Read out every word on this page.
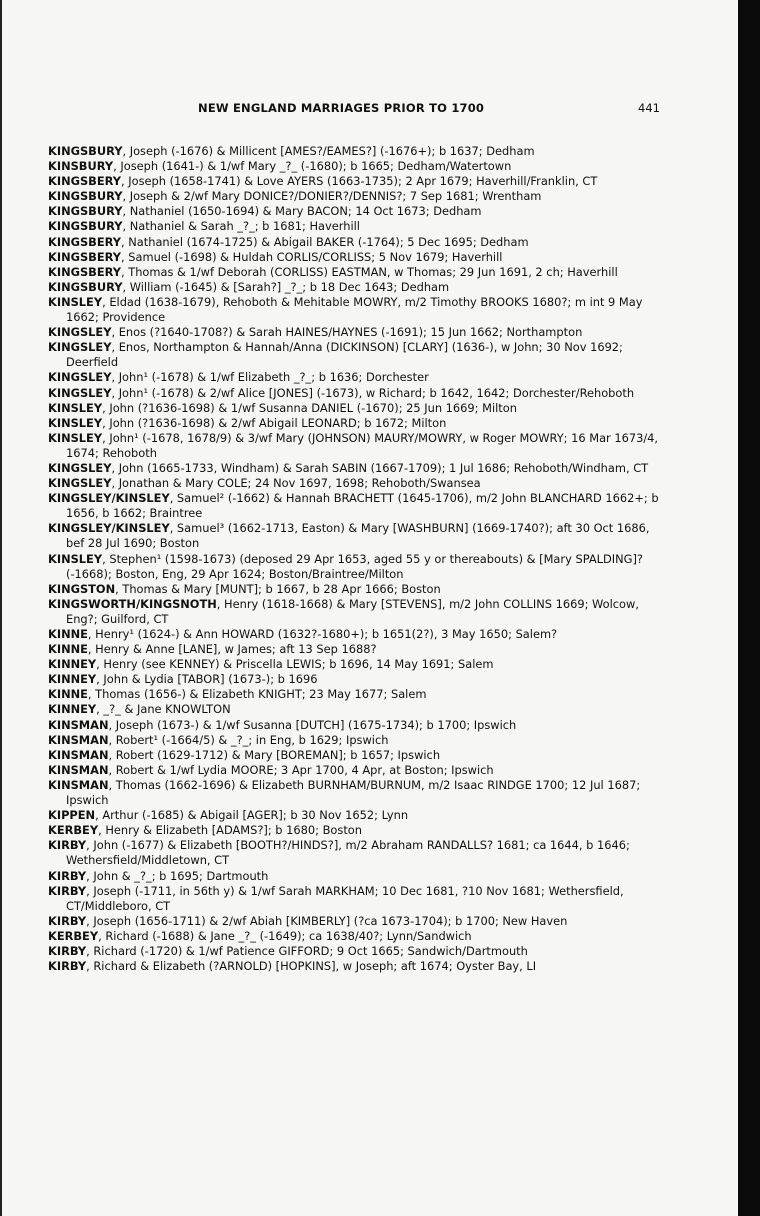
NEW ENGLAND MARRIAGES PRIOR TO 1700	441
KINGSBURY, Joseph (-1676) & Millicent [AMES?/EAMES?] (-1676+); b 1637; Dedham
KINSBURY, Joseph (1641-) & 1/wf Mary _?_ (-1680); b 1665; Dedham/Watertown
KINGSBERY, Joseph (1658-1741) & Love AYERS (1663-1735); 2 Apr 1679; Haverhill/Franklin, CT
KINGSBURY, Joseph & 2/wf Mary DONICE?/DONIER?/DENNIS?; 7 Sep 1681; Wrentham
KINGSBURY, Nathaniel (1650-1694) & Mary BACON; 14 Oct 1673; Dedham
KINGSBURY, Nathaniel & Sarah _?_; b 1681; Haverhill
KINGSBERY, Nathaniel (1674-1725) & Abigail BAKER (-1764); 5 Dec 1695; Dedham
KINGSBERY, Samuel (-1698) & Huldah CORLIS/CORLISS; 5 Nov 1679; Haverhill
KINGSBERY, Thomas & 1/wf Deborah (CORLISS) EASTMAN, w Thomas; 29 Jun 1691, 2 ch; Haverhill
KINGSBURY, William (-1645) & [Sarah?] _?_; b 18 Dec 1643; Dedham
KINSLEY, Eldad (1638-1679), Rehoboth & Mehitable MOWRY, m/2 Timothy BROOKS 1680?; m int 9 May 1662; Providence
KINGSLEY, Enos (?1640-1708?) & Sarah HAINES/HAYNES (-1691); 15 Jun 1662; Northampton
KINGSLEY, Enos, Northampton & Hannah/Anna (DICKINSON) [CLARY] (1636-), w John; 30 Nov 1692; Deerfield
KINGSLEY, John¹ (-1678) & 1/wf Elizabeth _?_; b 1636; Dorchester
KINGSLEY, John¹ (-1678) & 2/wf Alice [JONES] (-1673), w Richard; b 1642, 1642; Dorchester/Rehoboth
KINSLEY, John (?1636-1698) & 1/wf Susanna DANIEL (-1670); 25 Jun 1669; Milton
KINSLEY, John (?1636-1698) & 2/wf Abigail LEONARD; b 1672; Milton
KINSLEY, John¹ (-1678, 1678/9) & 3/wf Mary (JOHNSON) MAURY/MOWRY, w Roger MOWRY; 16 Mar 1673/4, 1674; Rehoboth
KINGSLEY, John (1665-1733, Windham) & Sarah SABIN (1667-1709); 1 Jul 1686; Rehoboth/Windham, CT
KINGSLEY, Jonathan & Mary COLE; 24 Nov 1697, 1698; Rehoboth/Swansea
KINGSLEY/KINSLEY, Samuel² (-1662) & Hannah BRACHETT (1645-1706), m/2 John BLANCHARD 1662+; b 1656, b 1662; Braintree
KINGSLEY/KINSLEY, Samuel³ (1662-1713, Easton) & Mary [WASHBURN] (1669-1740?); aft 30 Oct 1686, bef 28 Jul 1690; Boston
KINSLEY, Stephen¹ (1598-1673) (deposed 29 Apr 1653, aged 55 y or thereabouts) & [Mary SPALDING]? (-1668); Boston, Eng, 29 Apr 1624; Boston/Braintree/Milton
KINGSTON, Thomas & Mary [MUNT]; b 1667, b 28 Apr 1666; Boston
KINGSWORTH/KINGSNOTH, Henry (1618-1668) & Mary [STEVENS], m/2 John COLLINS 1669; Wolcow, Eng?; Guilford, CT
KINNE, Henry¹ (1624-) & Ann HOWARD (1632?-1680+); b 1651(2?), 3 May 1650; Salem?
KINNE, Henry & Anne [LANE], w James; aft 13 Sep 1688?
KINNEY, Henry (see KENNEY) & Priscella LEWIS; b 1696, 14 May 1691; Salem
KINNEY, John & Lydia [TABOR] (1673-); b 1696
KINNE, Thomas (1656-) & Elizabeth KNIGHT; 23 May 1677; Salem
KINNEY, _?_ & Jane KNOWLTON
KINSMAN, Joseph (1673-) & 1/wf Susanna [DUTCH] (1675-1734); b 1700; Ipswich
KINSMAN, Robert¹ (-1664/5) & _?_; in Eng, b 1629; Ipswich
KINSMAN, Robert (1629-1712) & Mary [BOREMAN]; b 1657; Ipswich
KINSMAN, Robert & 1/wf Lydia MOORE; 3 Apr 1700, 4 Apr, at Boston; Ipswich
KINSMAN, Thomas (1662-1696) & Elizabeth BURNHAM/BURNUM, m/2 Isaac RINDGE 1700; 12 Jul 1687; Ipswich
KIPPEN, Arthur (-1685) & Abigail [AGER]; b 30 Nov 1652; Lynn
KERBEY, Henry & Elizabeth [ADAMS?]; b 1680; Boston
KIRBY, John (-1677) & Elizabeth [BOOTH?/HINDS?], m/2 Abraham RANDALLS? 1681; ca 1644, b 1646; Wethersfield/Middletown, CT
KIRBY, John & _?_; b 1695; Dartmouth
KIRBY, Joseph (-1711, in 56th y) & 1/wf Sarah MARKHAM; 10 Dec 1681, ?10 Nov 1681; Wethersfield, CT/Middleboro, CT
KIRBY, Joseph (1656-1711) & 2/wf Abiah [KIMBERLY] (?ca 1673-1704); b 1700; New Haven
KERBEY, Richard (-1688) & Jane _?_ (-1649); ca 1638/40?; Lynn/Sandwich
KIRBY, Richard (-1720) & 1/wf Patience GIFFORD; 9 Oct 1665; Sandwich/Dartmouth
KIRBY, Richard & Elizabeth (?ARNOLD) [HOPKINS], w Joseph; aft 1674; Oyster Bay, LI
